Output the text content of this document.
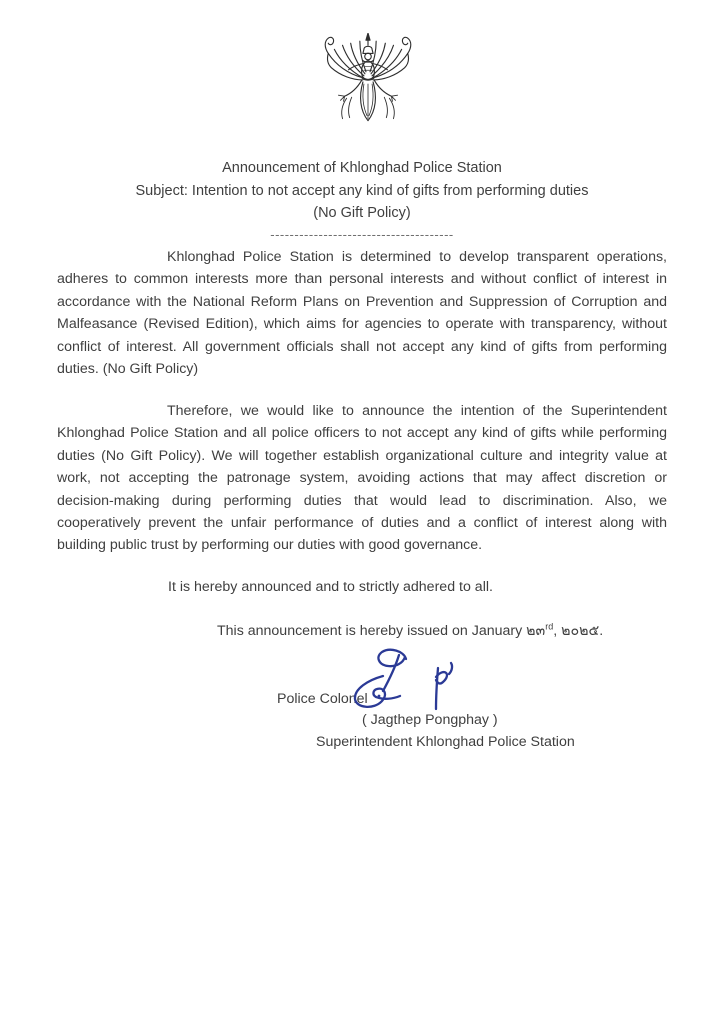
Announcement of Khlonghad Police Station
Subject: Intention to not accept any kind of gifts from performing duties
(No Gift Policy)
--------------------------------------
Khlonghad Police Station is determined to develop transparent operations, adheres to common interests more than personal interests and without conflict of interest in accordance with the National Reform Plans on Prevention and Suppression of Corruption and Malfeasance (Revised Edition), which aims for agencies to operate with transparency, without conflict of interest. All government officials shall not accept any kind of gifts from performing duties. (No Gift Policy)
Therefore, we would like to announce the intention of the Superintendent Khlonghad Police Station and all police officers to not accept any kind of gifts while performing duties (No Gift Policy). We will together establish organizational culture and integrity value at work, not accepting the patronage system, avoiding actions that may affect discretion or decision-making during performing duties that would lead to discrimination. Also, we cooperatively prevent the unfair performance of duties and a conflict of interest along with building public trust by performing our duties with good governance.
It is hereby announced and to strictly adhered to all.
This announcement is hereby issued on January ๒๓$^{rd}$, ๒๐๒๕.
Police Colonel
( Jagthep Pongphay )
Superintendent Khlonghad Police Station
